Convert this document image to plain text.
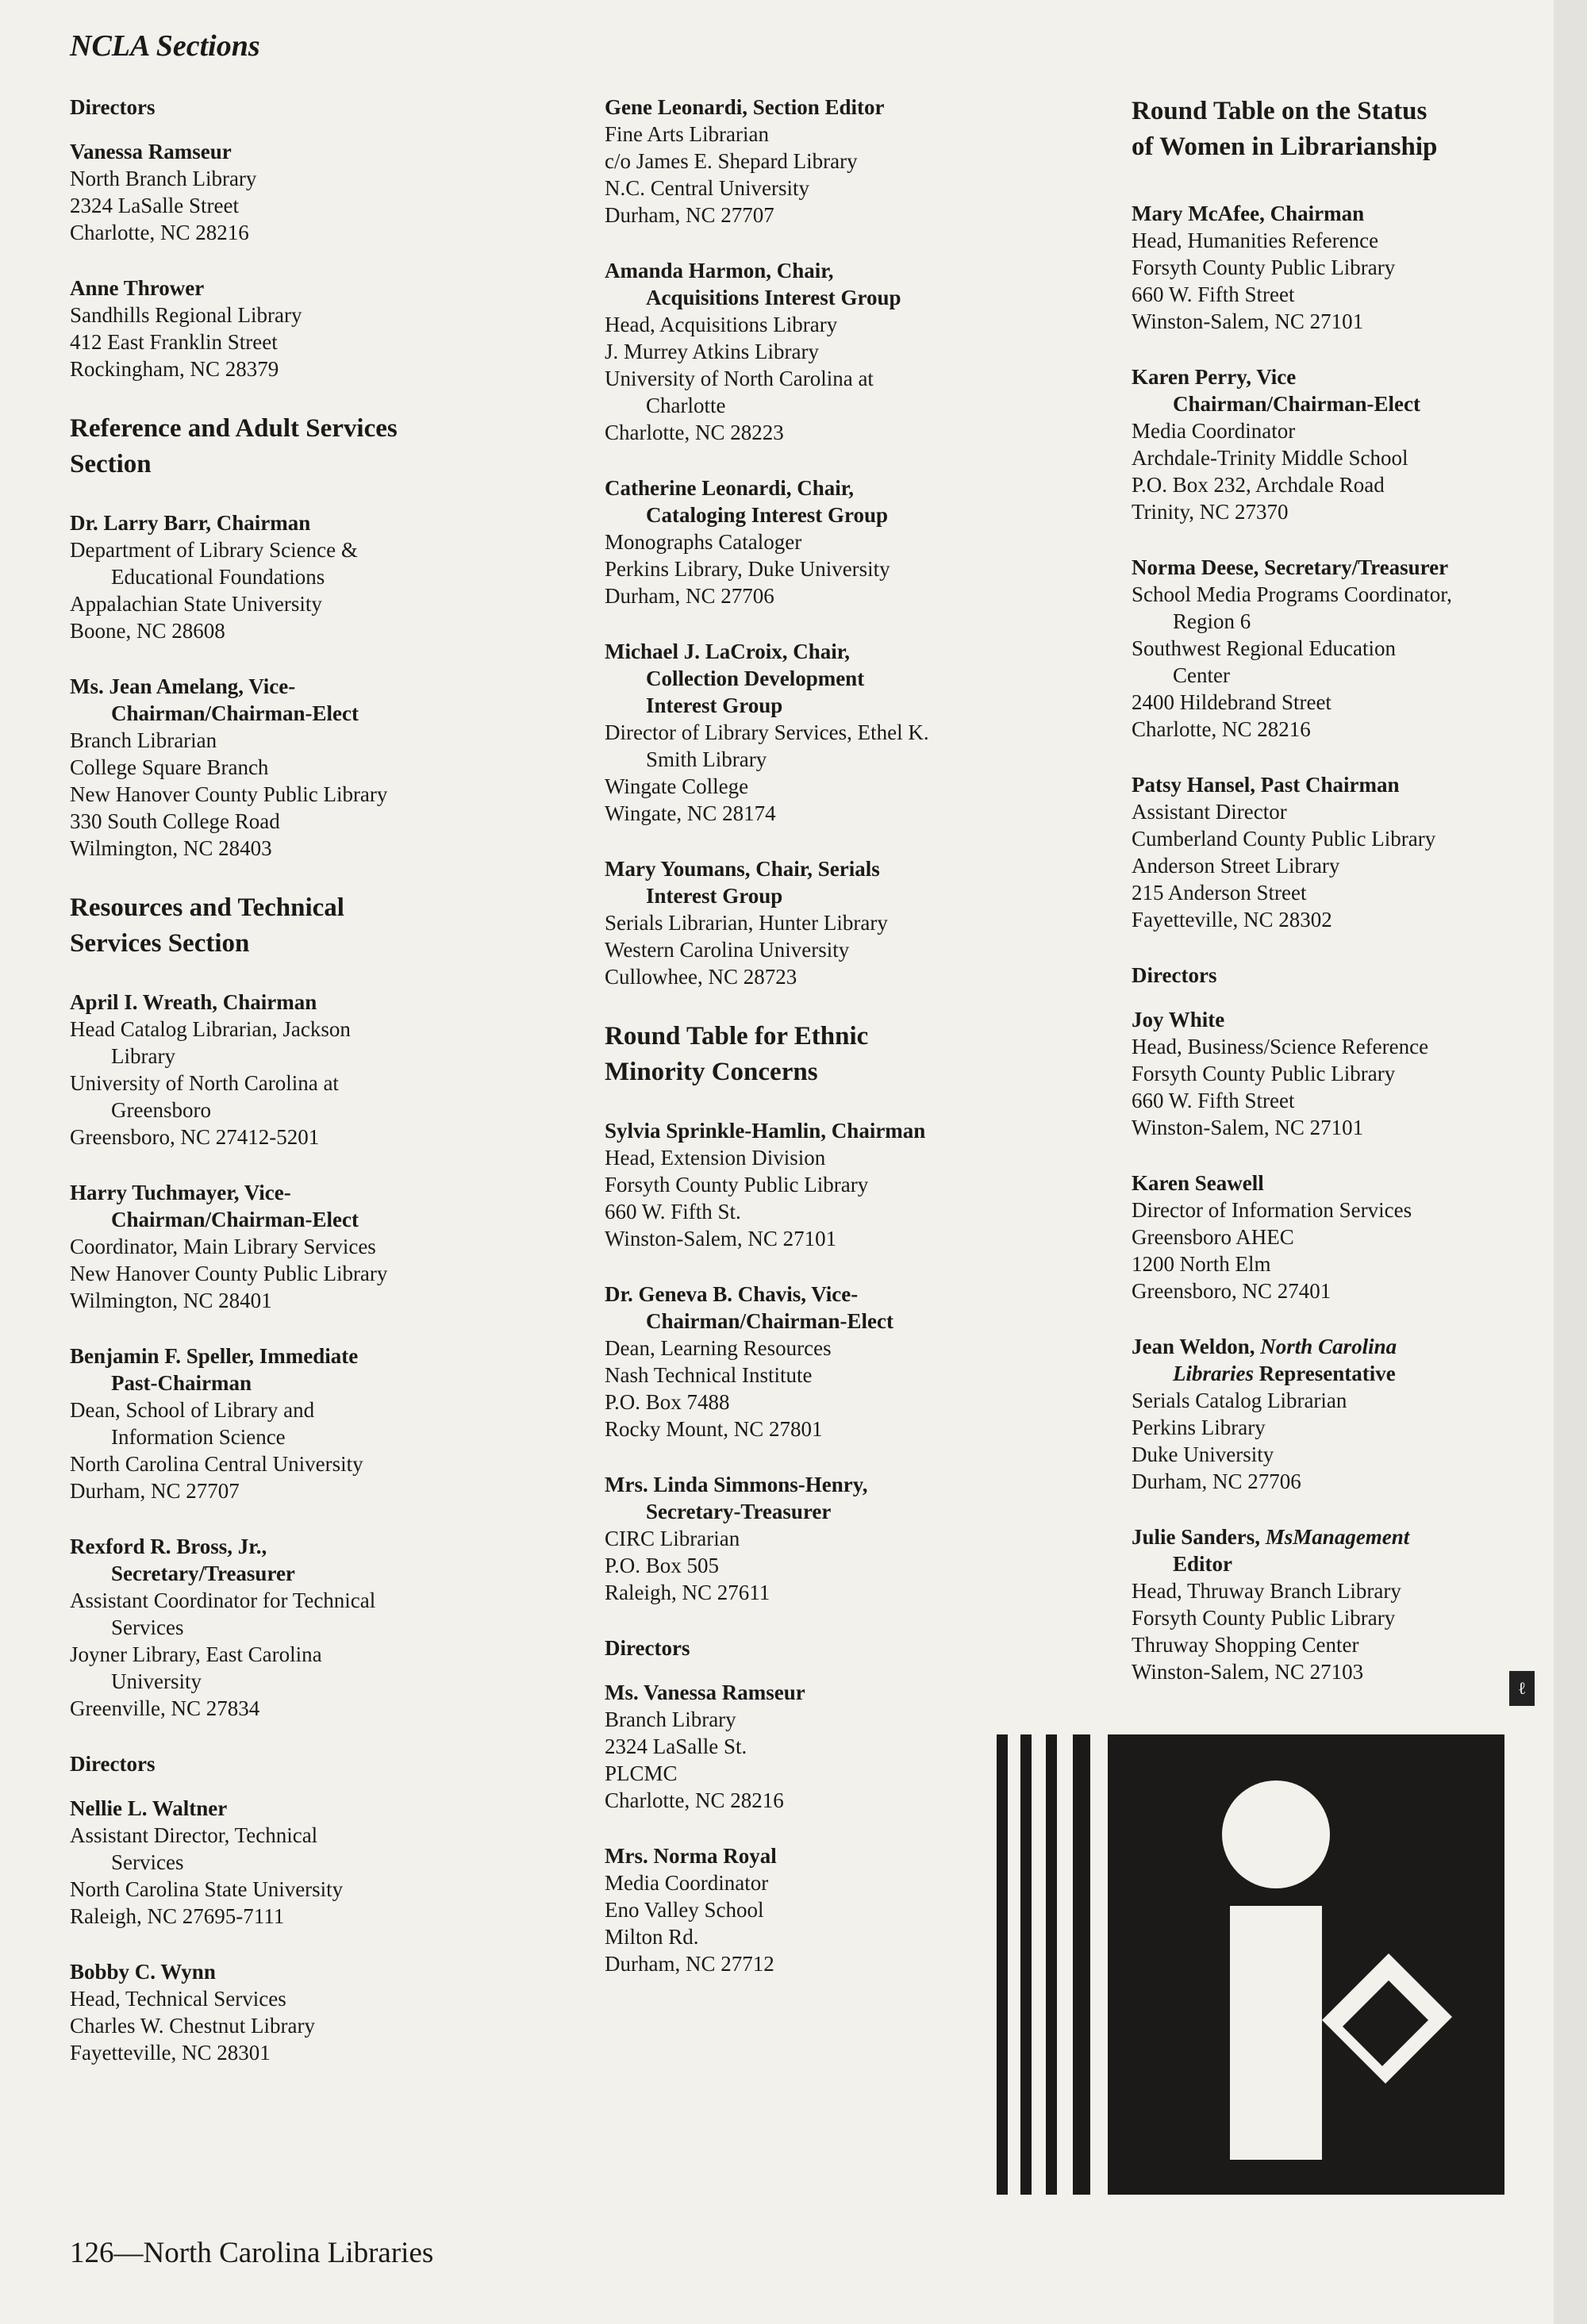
NCLA Sections
Directors
Vanessa Ramseur
North Branch Library
2324 LaSalle Street
Charlotte, NC 28216
Anne Thrower
Sandhills Regional Library
412 East Franklin Street
Rockingham, NC 28379
Reference and Adult Services
Section
Dr. Larry Barr, Chairman
Department of Library Science &
Educational Foundations
Appalachian State University
Boone, NC 28608
Ms. Jean Amelang, Vice-
Chairman/Chairman-Elect
Branch Librarian
College Square Branch
New Hanover County Public Library
330 South College Road
Wilmington, NC 28403
Resources and Technical
Services Section
April I. Wreath, Chairman
Head Catalog Librarian, Jackson
Library
University of North Carolina at
Greensboro
Greensboro, NC 27412-5201
Harry Tuchmayer, Vice-
Chairman/Chairman-Elect
Coordinator, Main Library Services
New Hanover County Public Library
Wilmington, NC 28401
Benjamin F. Speller, Immediate
Past-Chairman
Dean, School of Library and
Information Science
North Carolina Central University
Durham, NC 27707
Rexford R. Bross, Jr.,
Secretary/Treasurer
Assistant Coordinator for Technical
Services
Joyner Library, East Carolina
University
Greenville, NC 27834
Directors
Nellie L. Waltner
Assistant Director, Technical
Services
North Carolina State University
Raleigh, NC 27695-7111
Bobby C. Wynn
Head, Technical Services
Charles W. Chestnut Library
Fayetteville, NC 28301
Gene Leonardi, Section Editor
Fine Arts Librarian
c/o James E. Shepard Library
N.C. Central University
Durham, NC 27707
Amanda Harmon, Chair,
Acquisitions Interest Group
Head, Acquisitions Library
J. Murrey Atkins Library
University of North Carolina at
Charlotte
Charlotte, NC 28223
Catherine Leonardi, Chair,
Cataloging Interest Group
Monographs Cataloger
Perkins Library, Duke University
Durham, NC 27706
Michael J. LaCroix, Chair,
Collection Development
Interest Group
Director of Library Services, Ethel K.
Smith Library
Wingate College
Wingate, NC 28174
Mary Youmans, Chair, Serials
Interest Group
Serials Librarian, Hunter Library
Western Carolina University
Cullowhee, NC 28723
Round Table for Ethnic
Minority Concerns
Sylvia Sprinkle-Hamlin, Chairman
Head, Extension Division
Forsyth County Public Library
660 W. Fifth St.
Winston-Salem, NC 27101
Dr. Geneva B. Chavis, Vice-
Chairman/Chairman-Elect
Dean, Learning Resources
Nash Technical Institute
P.O. Box 7488
Rocky Mount, NC 27801
Mrs. Linda Simmons-Henry,
Secretary-Treasurer
CIRC Librarian
P.O. Box 505
Raleigh, NC 27611
Directors
Ms. Vanessa Ramseur
Branch Library
2324 LaSalle St.
PLCMC
Charlotte, NC 28216
Mrs. Norma Royal
Media Coordinator
Eno Valley School
Milton Rd.
Durham, NC 27712
Round Table on the Status
of Women in Librarianship
Mary McAfee, Chairman
Head, Humanities Reference
Forsyth County Public Library
660 W. Fifth Street
Winston-Salem, NC 27101
Karen Perry, Vice
Chairman/Chairman-Elect
Media Coordinator
Archdale-Trinity Middle School
P.O. Box 232, Archdale Road
Trinity, NC 27370
Norma Deese, Secretary/Treasurer
School Media Programs Coordinator,
Region 6
Southwest Regional Education
Center
2400 Hildebrand Street
Charlotte, NC 28216
Patsy Hansel, Past Chairman
Assistant Director
Cumberland County Public Library
Anderson Street Library
215 Anderson Street
Fayetteville, NC 28302
Directors
Joy White
Head, Business/Science Reference
Forsyth County Public Library
660 W. Fifth Street
Winston-Salem, NC 27101
Karen Seawell
Director of Information Services
Greensboro AHEC
1200 North Elm
Greensboro, NC 27401
Jean Weldon, North Carolina
Libraries Representative
Serials Catalog Librarian
Perkins Library
Duke University
Durham, NC 27706
Julie Sanders, MsManagement
Editor
Head, Thruway Branch Library
Forsyth County Public Library
Thruway Shopping Center
Winston-Salem, NC 27103
ℓ
126—North Carolina Libraries
